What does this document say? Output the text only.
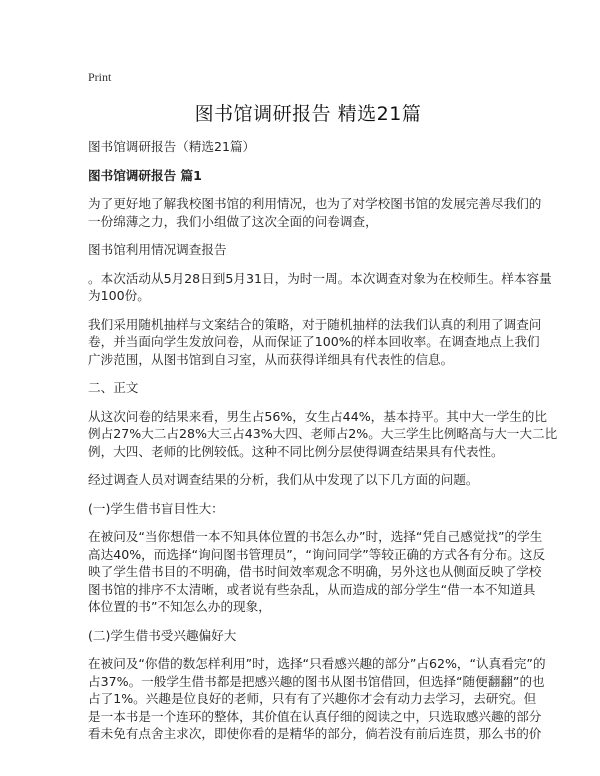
Print
图书馆调研报告 精选21篇

图书馆调研报告（精选21篇）

图书馆调研报告 篇1

为了更好地了解我校图书馆的利用情况，也为了对学校图书馆的发展完善尽我们的
一份绵薄之力，我们小组做了这次全面的问卷调查，

图书馆利用情况调查报告

。本次活动从5月28日到5月31日，为时一周。本次调查对象为在校师生。样本容量
为100份。

我们采用随机抽样与文案结合的策略，对于随机抽样的法我们认真的利用了调查问
卷，并当面向学生发放问卷，从而保证了100%的样本回收率。在调查地点上我们
广涉范围，从图书馆到自习室，从而获得详细具有代表性的信息。

二、正文

从这次问卷的结果来看，男生占56%，女生占44%，基本持平。其中大一学生的比
例占27%大二占28%大三占43%大四、老师占2%。大三学生比例略高与大一大二比
例，大四、老师的比例较低。这种不同比例分层使得调查结果具有代表性。

经过调查人员对调查结果的分析，我们从中发现了以下几方面的问题。

(一)学生借书盲目性大：

在被问及“当你想借一本不知具体位置的书怎么办”时，选择“凭自己感觉找”的学生
高达40%，而选择“询问图书管理员”，“询问同学”等较正确的方式各有分布。这反
映了学生借书目的不明确，借书时间效率观念不明确，另外这也从侧面反映了学校
图书馆的排序不太清晰，或者说有些杂乱，从而造成的部分学生“借一本不知道具
体位置的书”不知怎么办的现象，

(二)学生借书受兴趣偏好大

在被问及“你借的数怎样利用”时，选择“只看感兴趣的部分”占62%，“认真看完”的
占37%。一般学生借书都是把感兴趣的图书从图书馆借回，但选择“随便翻翻”的也
占了1%。兴趣是位良好的老师，只有有了兴趣你才会有动力去学习，去研究。但
是一本书是一个连环的整体，其价值在认真仔细的阅读之中，只选取感兴趣的部分
看未免有点舍主求次，即使你看的是精华的部分，倘若没有前后连贯，那么书的价
